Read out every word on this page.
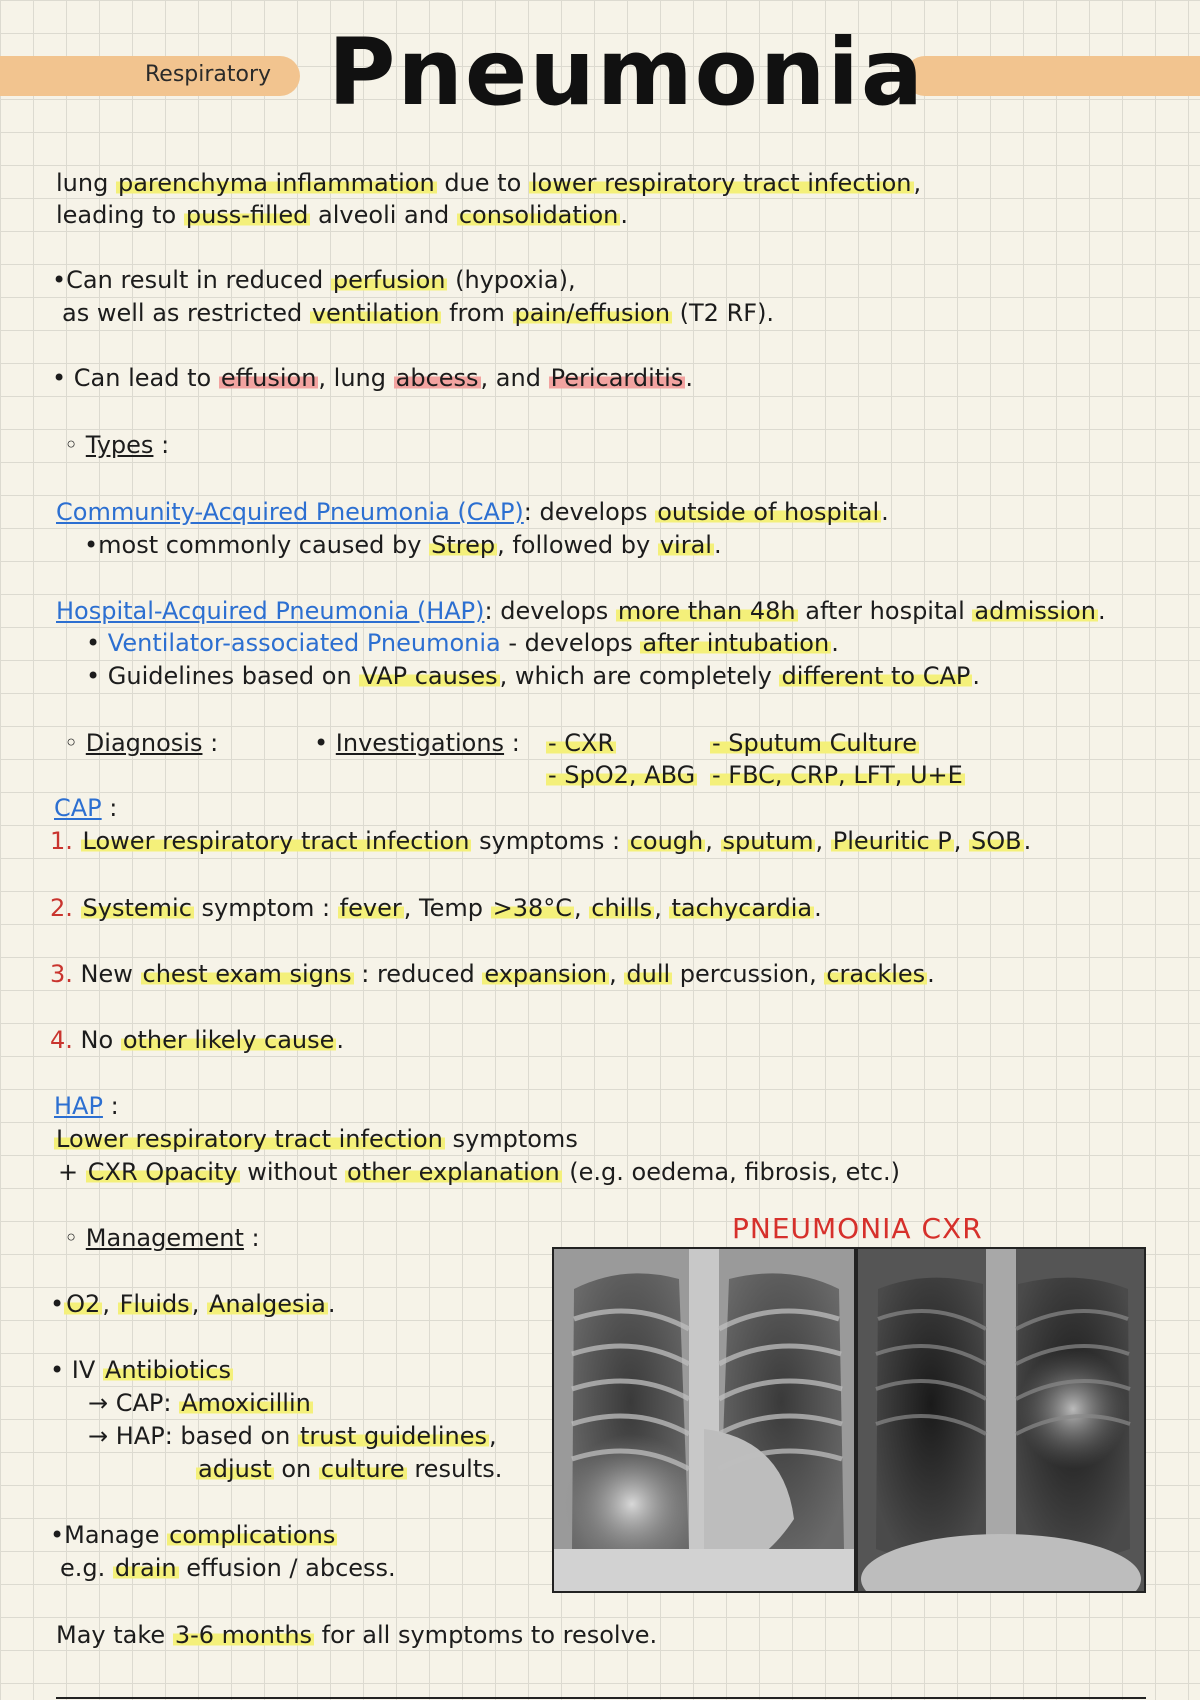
Respiratory Pneumonia
lung parenchyma inflammation due to lower respiratory tract infection,
leading to puss-filled alveoli and consolidation.
•Can result in reduced perfusion (hypoxia),
as well as restricted ventilation from pain/effusion (T2 RF).
• Can lead to effusion, lung abcess, and Pericarditis.
◦ Types :
Community-Acquired Pneumonia (CAP): develops outside of hospital.
•most commonly caused by Strep, followed by viral.
Hospital-Acquired Pneumonia (HAP): develops more than 48h after hospital admission.
• Ventilator-associated Pneumonia - develops after intubation.
• Guidelines based on VAP causes, which are completely different to CAP.
◦ Diagnosis :	• Investigations : - CXR
- SpO2, ABG
- Sputum Culture
- FBC, CRP, LFT, U+E
CAP :
1. Lower respiratory tract infection symptoms : cough, sputum, Pleuritic P, SOB.
2. Systemic symptom : fever, Temp >38°C, chills, tachycardia.
3. New chest exam signs : reduced expansion, dull percussion, crackles.
4. No other likely cause.
HAP :
Lower respiratory tract infection symptoms
+ CXR Opacity without other explanation (e.g. oedema, fibrosis, etc.)
◦ Management :
•O2, Fluids, Analgesia.
• IV Antibiotics
→ CAP: Amoxicillin
→ HAP: based on trust guidelines,
adjust on culture results.
•Manage complications
e.g. drain effusion / abcess.
May take 3-6 months for all symptoms to resolve.
PNEUMONIA CXR
